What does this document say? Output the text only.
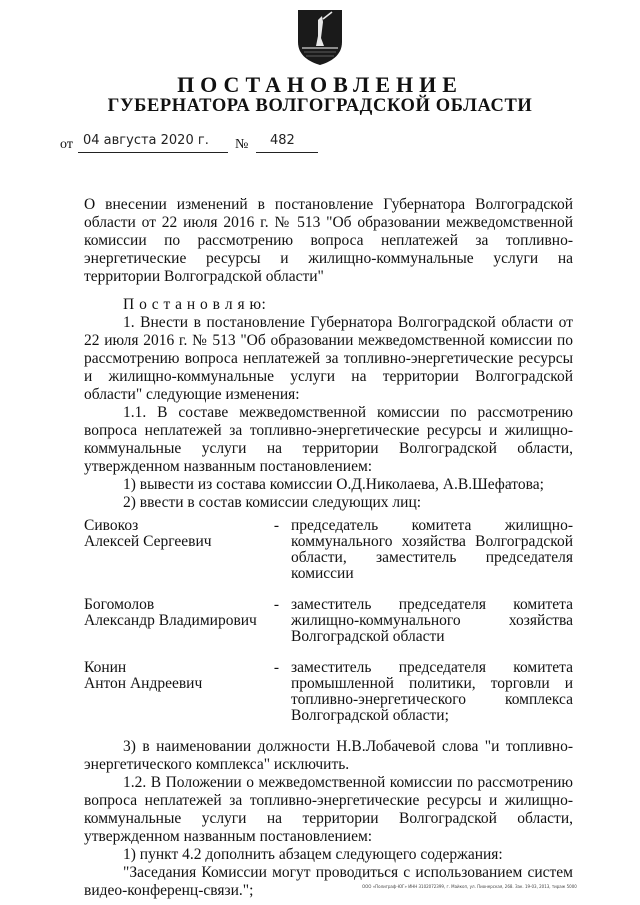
ПОСТАНОВЛЕНИЕ
ГУБЕРНАТОРА ВОЛГОГРАДСКОЙ ОБЛАСТИ
от 04 августа 2020 г. № 482

О внесении изменений в постановление Губернатора Волгоградской области от 22 июля 2016 г. № 513 "Об образовании межведомственной комиссии по рассмотрению вопроса неплатежей за топливно-энергетические ресурсы и жилищно-коммунальные услуги на территории Волгоградской области"

П о с т а н о в л я ю:

1. Внести в постановление Губернатора Волгоградской области от 22 июля 2016 г. № 513 "Об образовании межведомственной комиссии по рассмотрению вопроса неплатежей за топливно-энергетические ресурсы и жилищно-коммунальные услуги на территории Волгоградской области" следующие изменения:

1.1. В составе межведомственной комиссии по рассмотрению вопроса неплатежей за топливно-энергетические ресурсы и жилищно-коммунальные услуги на территории Волгоградской области, утвержденном названным постановлением:

1) вывести из состава комиссии О.Д.Николаева, А.В.Шефатова;

2) ввести в состав комиссии следующих лиц:

Сивокоз
Алексей Сергеевич
- председатель комитета жилищно-коммунального хозяйства Волгоградской области, заместитель председателя комиссии
Богомолов
Александр Владимирович
- заместитель председателя комитета жилищно-коммунального хозяйства Волгоградской области
Конин
Антон Андреевич
- заместитель председателя комитета промышленной политики, торговли и топливно-энергетического комплекса Волгоградской области;

3) в наименовании должности Н.В.Лобачевой слова "и топливно-энергетического комплекса" исключить.

1.2. В Положении о межведомственной комиссии по рассмотрению вопроса неплатежей за топливно-энергетические ресурсы и жилищно-коммунальные услуги на территории Волгоградской области, утвержденном названным постановлением:

1) пункт 4.2 дополнить абзацем следующего содержания:

"Заседания Комиссии могут проводиться с использованием систем видео-конференц-связи.";	ООО «Полиграф-ЮГ» ИНН 3102072399, г. Майкоп, ул. Пионерская, 268. Зак. 19-03, 2013, тираж 5000
